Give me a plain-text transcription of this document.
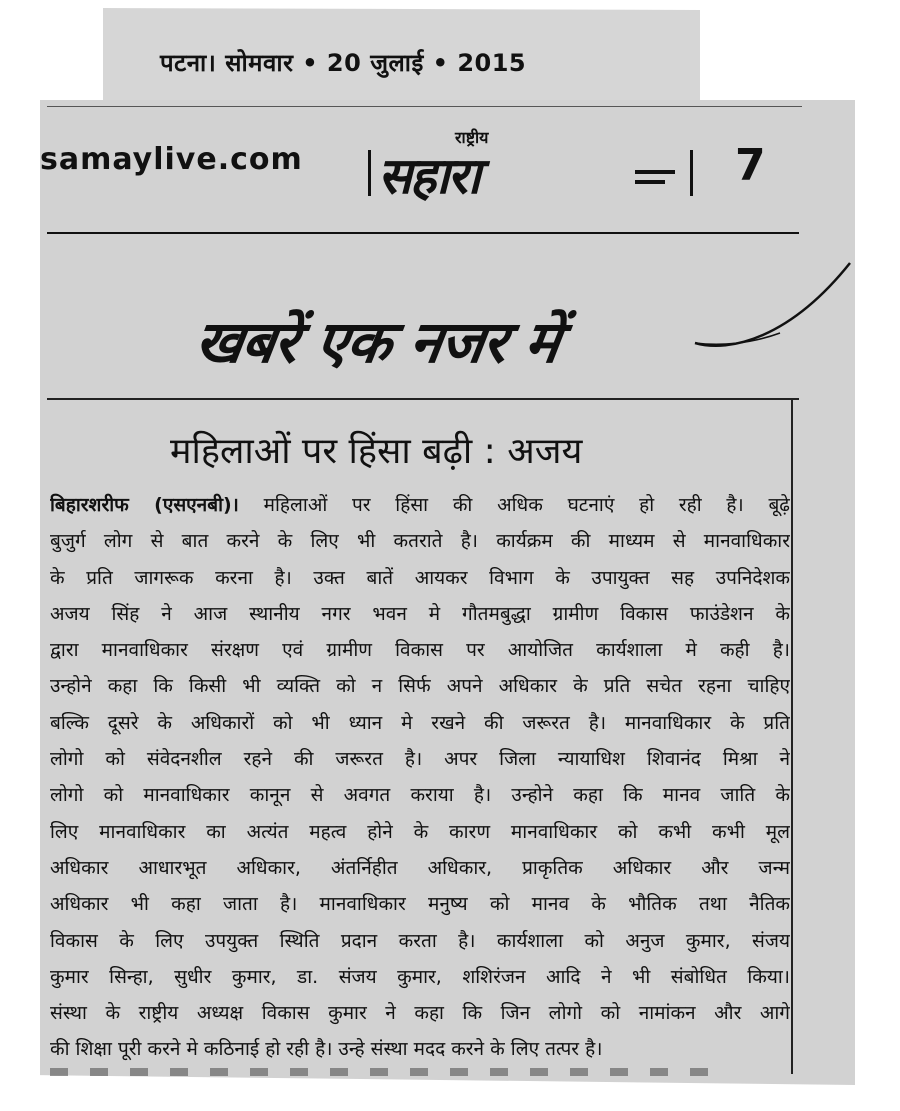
पटना। सोमवार • 20 जुलाई • 2015
samaylive.com
राष्ट्रीय
सहारा	7
खबरें एक नजर में
महिलाओं पर हिंसा बढ़ी : अजय
बिहारशरीफ (एसएनबी)। महिलाओं पर हिंसा की अधिक घटनाएं हो रही है। बूढ़े
बुजुर्ग लोग से बात करने के लिए भी कतराते है। कार्यक्रम की माध्यम से मानवाधिकार
के प्रति जागरूक करना है। उक्त बातें आयकर विभाग के उपायुक्त सह उपनिदेशक
अजय सिंह ने आज स्थानीय नगर भवन मे गौतमबुद्धा ग्रामीण विकास फाउंडेशन के
द्वारा मानवाधिकार संरक्षण एवं ग्रामीण विकास पर आयोजित कार्यशाला मे कही है।
उन्होने कहा कि किसी भी व्यक्ति को न सिर्फ अपने अधिकार के प्रति सचेत रहना चाहिए
बल्कि दूसरे के अधिकारों को भी ध्यान मे रखने की जरूरत है। मानवाधिकार के प्रति
लोगो को संवेदनशील रहने की जरूरत है। अपर जिला न्यायाधिश शिवानंद मिश्रा ने
लोगो को मानवाधिकार कानून से अवगत कराया है। उन्होने कहा कि मानव जाति के
लिए मानवाधिकार का अत्यंत महत्व होने के कारण मानवाधिकार को कभी कभी मूल
अधिकार आधारभूत अधिकार, अंतर्निहीत अधिकार, प्राकृतिक अधिकार और जन्म
अधिकार भी कहा जाता है। मानवाधिकार मनुष्य को मानव के भौतिक तथा नैतिक
विकास के लिए उपयुक्त स्थिति प्रदान करता है। कार्यशाला को अनुज कुमार, संजय
कुमार सिन्हा, सुधीर कुमार, डा. संजय कुमार, शशिरंजन आदि ने भी संबोधित किया।
संस्था के राष्ट्रीय अध्यक्ष विकास कुमार ने कहा कि जिन लोगो को नामांकन और आगे
की शिक्षा पूरी करने मे कठिनाई हो रही है। उन्हे संस्था मदद करने के लिए तत्पर है।
